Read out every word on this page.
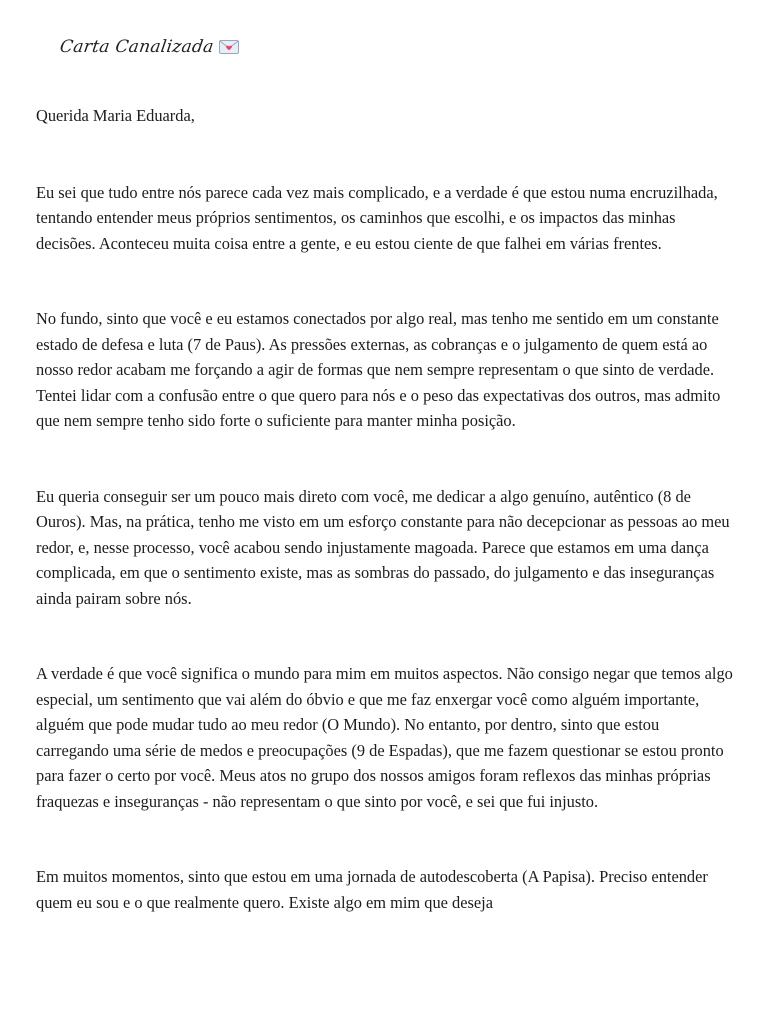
Carta Canalizada

Querida Maria Eduarda,

Eu sei que tudo entre nós parece cada vez mais complicado, e a verdade é que estou numa encruzilhada, tentando entender meus próprios sentimentos, os caminhos que escolhi, e os impactos das minhas decisões. Aconteceu muita coisa entre a gente, e eu estou ciente de que falhei em várias frentes.

No fundo, sinto que você e eu estamos conectados por algo real, mas tenho me sentido em um constante estado de defesa e luta (7 de Paus). As pressões externas, as cobranças e o julgamento de quem está ao nosso redor acabam me forçando a agir de formas que nem sempre representam o que sinto de verdade. Tentei lidar com a confusão entre o que quero para nós e o peso das expectativas dos outros, mas admito que nem sempre tenho sido forte o suficiente para manter minha posição.

Eu queria conseguir ser um pouco mais direto com você, me dedicar a algo genuíno, autêntico (8 de Ouros). Mas, na prática, tenho me visto em um esforço constante para não decepcionar as pessoas ao meu redor, e, nesse processo, você acabou sendo injustamente magoada. Parece que estamos em uma dança complicada, em que o sentimento existe, mas as sombras do passado, do julgamento e das inseguranças ainda pairam sobre nós.

A verdade é que você significa o mundo para mim em muitos aspectos. Não consigo negar que temos algo especial, um sentimento que vai além do óbvio e que me faz enxergar você como alguém importante, alguém que pode mudar tudo ao meu redor (O Mundo). No entanto, por dentro, sinto que estou carregando uma série de medos e preocupações (9 de Espadas), que me fazem questionar se estou pronto para fazer o certo por você. Meus atos no grupo dos nossos amigos foram reflexos das minhas próprias fraquezas e inseguranças - não representam o que sinto por você, e sei que fui injusto.

Em muitos momentos, sinto que estou em uma jornada de autodescoberta (A Papisa). Preciso entender quem eu sou e o que realmente quero. Existe algo em mim que deseja
